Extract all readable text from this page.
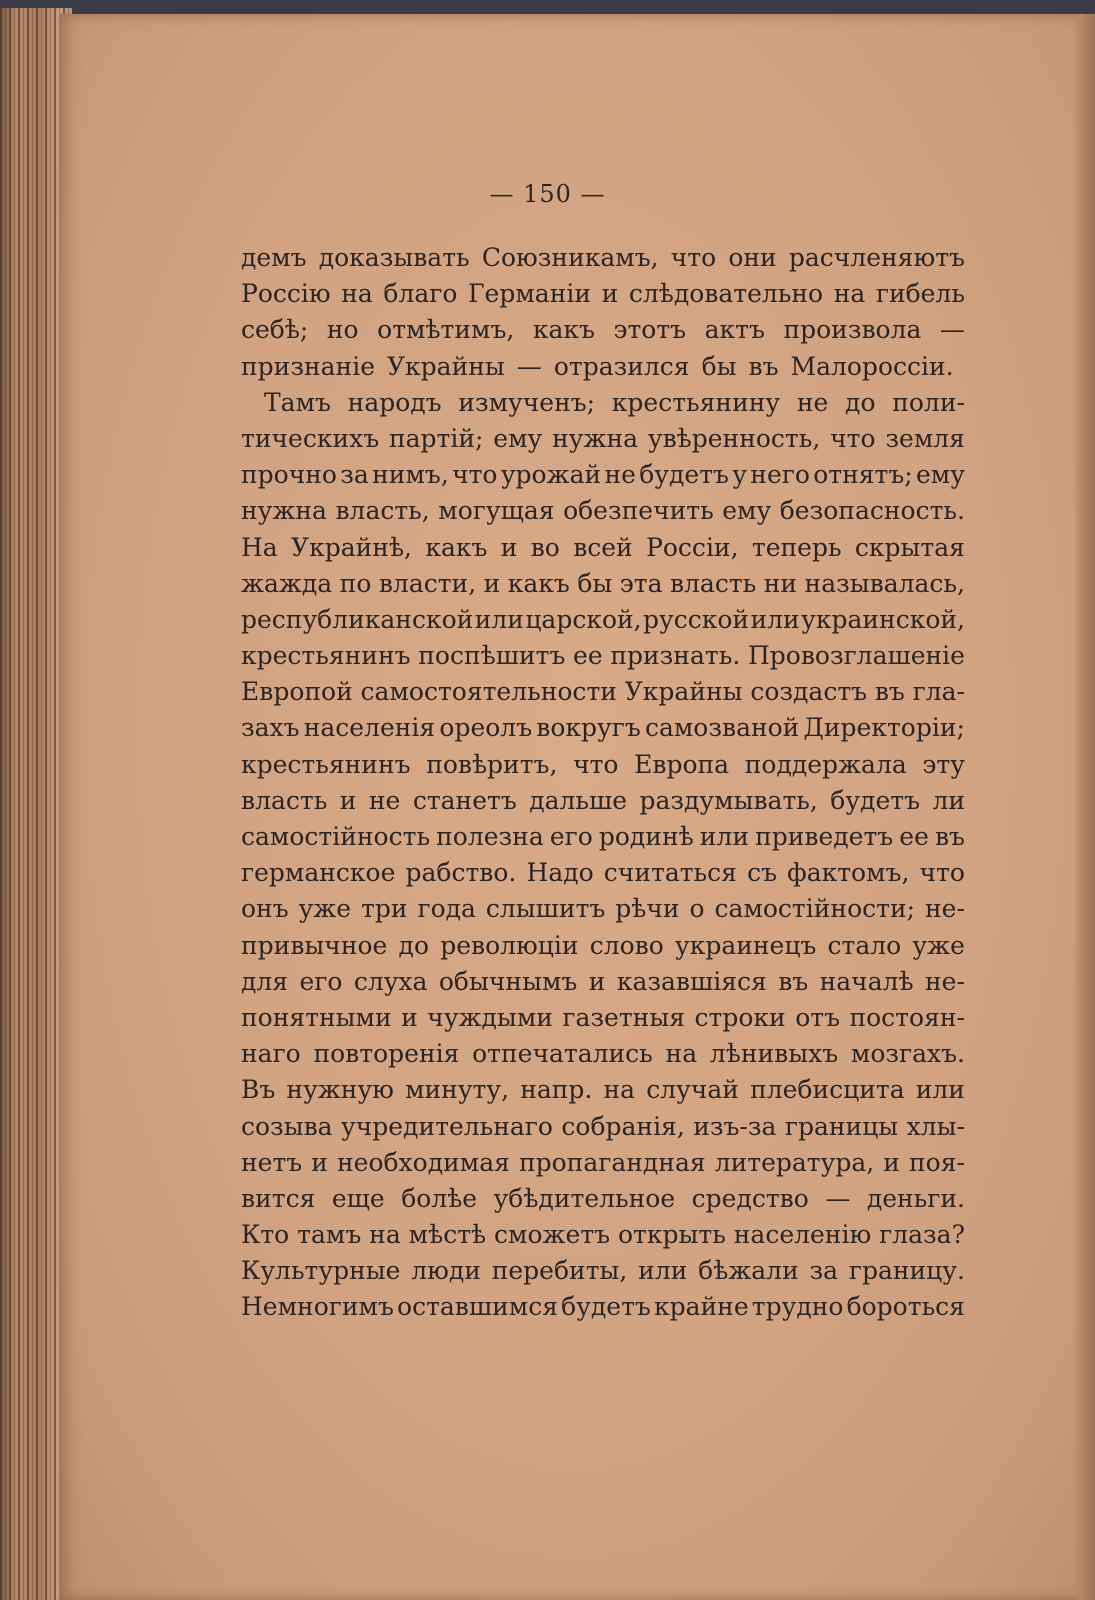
— 150 —
демъ доказывать Союзникамъ, что они расчленяютъ
Россію на благо Германіи и слѣдовательно на гибель
себѣ; но отмѣтимъ, какъ этотъ актъ произвола —
признаніе Украйны — отразился бы въ Малороссіи.
Тамъ народъ измученъ; крестьянину не до поли-
тическихъ партій; ему нужна увѣренность, что земля
прочно за нимъ, что урожай не будетъ у него отнятъ; ему
нужна власть, могущая обезпечить ему безопасность.
На Украйнѣ, какъ и во всей Россіи, теперь скрытая
жажда по власти, и какъ бы эта власть ни называлась,
республиканской или царской, русской или украинской,
крестьянинъ поспѣшитъ ее признать. Провозглашеніе
Европой самостоятельности Украйны создастъ въ гла-
захъ населенія ореолъ вокругъ самозваной Директоріи;
крестьянинъ повѣритъ, что Европа поддержала эту
власть и не станетъ дальше раздумывать, будетъ ли
самостійность полезна его родинѣ или приведетъ ее въ
германское рабство. Надо считаться съ фактомъ, что
онъ уже три года слышитъ рѣчи о самостійности; не-
привычное до революціи слово украинецъ стало уже
для его слуха обычнымъ и казавшіяся въ началѣ не-
понятными и чуждыми газетныя строки отъ постоян-
наго повторенія отпечатались на лѣнивыхъ мозгахъ.
Въ нужную минуту, напр. на случай плебисцита или
созыва учредительнаго собранія, изъ-за границы хлы-
нетъ и необходимая пропагандная литература, и поя-
вится еще болѣе убѣдительное средство — деньги.
Кто тамъ на мѣстѣ сможетъ открыть населенію глаза?
Культурные люди перебиты, или бѣжали за границу.
Немногимъ оставшимся будетъ крайне трудно бороться
